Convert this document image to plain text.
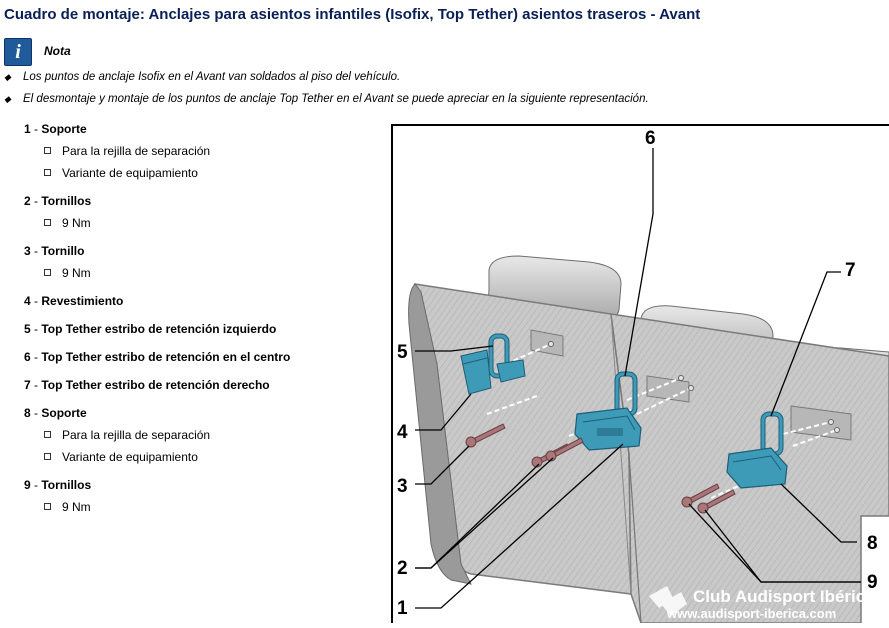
Cuadro de montaje: Anclajes para asientos infantiles (Isofix, Top Tether) asientos traseros - Avant
i	Nota
◆ Los puntos de anclaje Isofix en el Avant van soldados al piso del vehículo.
◆ El desmontaje y montaje de los puntos de anclaje Top Tether en el Avant se puede apreciar en la siguiente representación.
1 - Soporte
Para la rejilla de separación
Variante de equipamiento
2 - Tornillos
9 Nm
3 - Tornillo
9 Nm
4 - Revestimiento
5 - Top Tether estribo de retención izquierdo
6 - Top Tether estribo de retención en el centro
7 - Top Tether estribo de retención derecho
8 - Soporte
Para la rejilla de separación
Variante de equipamiento
9 - Tornillos
9 Nm
6
7
5
4
3
2
1
8
9
Club Audisport Ibérica
www.audisport-iberica.com
